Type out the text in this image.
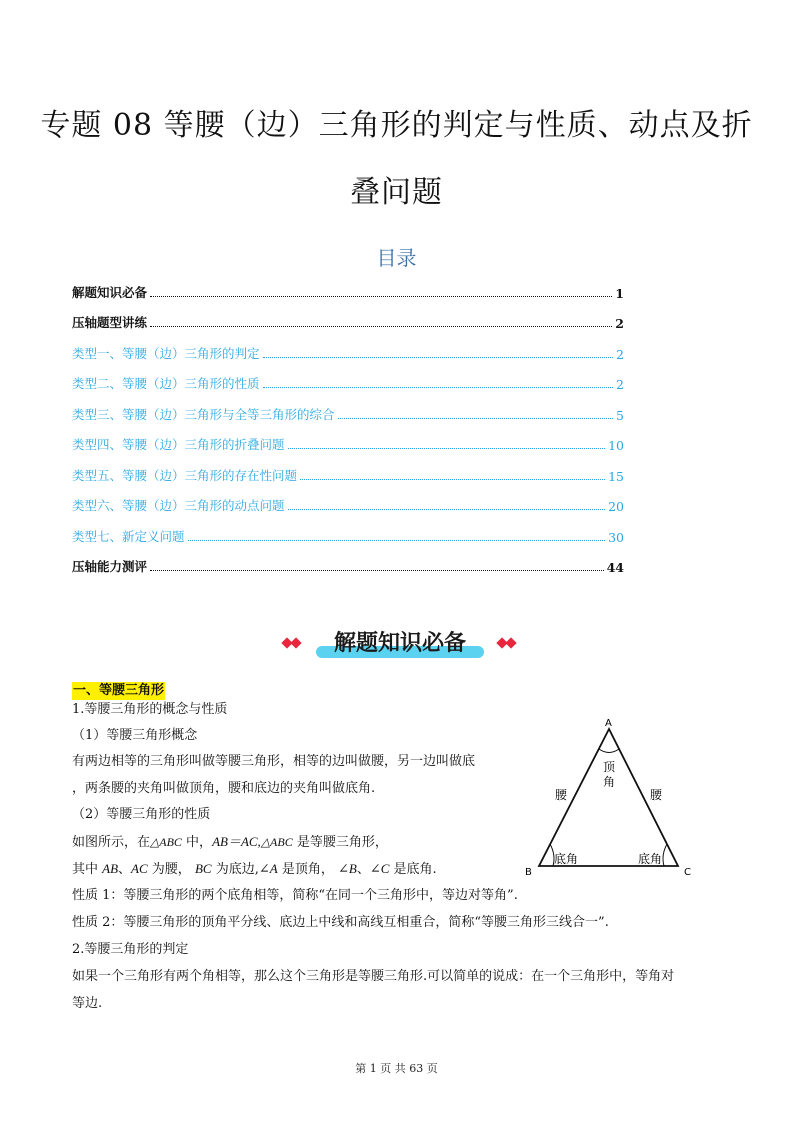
专题 08 等腰（边）三角形的判定与性质、动点及折
叠问题
目录
解题知识必备	1
压轴题型讲练	2
类型一、等腰（边）三角形的判定	2
类型二、等腰（边）三角形的性质	2
类型三、等腰（边）三角形与全等三角形的综合	5
类型四、等腰（边）三角形的折叠问题	10
类型五、等腰（边）三角形的存在性问题	15
类型六、等腰（边）三角形的动点问题	20
类型七、新定义问题	30
压轴能力测评	44
解题知识必备
一、等腰三角形
1.等腰三角形的概念与性质
（1）等腰三角形概念
有两边相等的三角形叫做等腰三角形，相等的边叫做腰，另一边叫做底
，两条腰的夹角叫做顶角，腰和底边的夹角叫做底角.
（2）等腰三角形的性质
如图所示，在△ABC 中，AB＝AC,△ABC 是等腰三角形，
其中 AB、AC 为腰， BC 为底边,∠A 是顶角， ∠B、∠C 是底角.
性质 1：等腰三角形的两个底角相等，简称“在同一个三角形中，等边对等角”.
性质 2：等腰三角形的顶角平分线、底边上中线和高线互相重合，简称“等腰三角形三线合一”.
2.等腰三角形的判定
如果一个三角形有两个角相等，那么这个三角形是等腰三角形.可以简单的说成：在一个三角形中，等角对
等边.
A
B	C
顶
角
腰	腰
底角	底角
第 1 页 共 63 页
